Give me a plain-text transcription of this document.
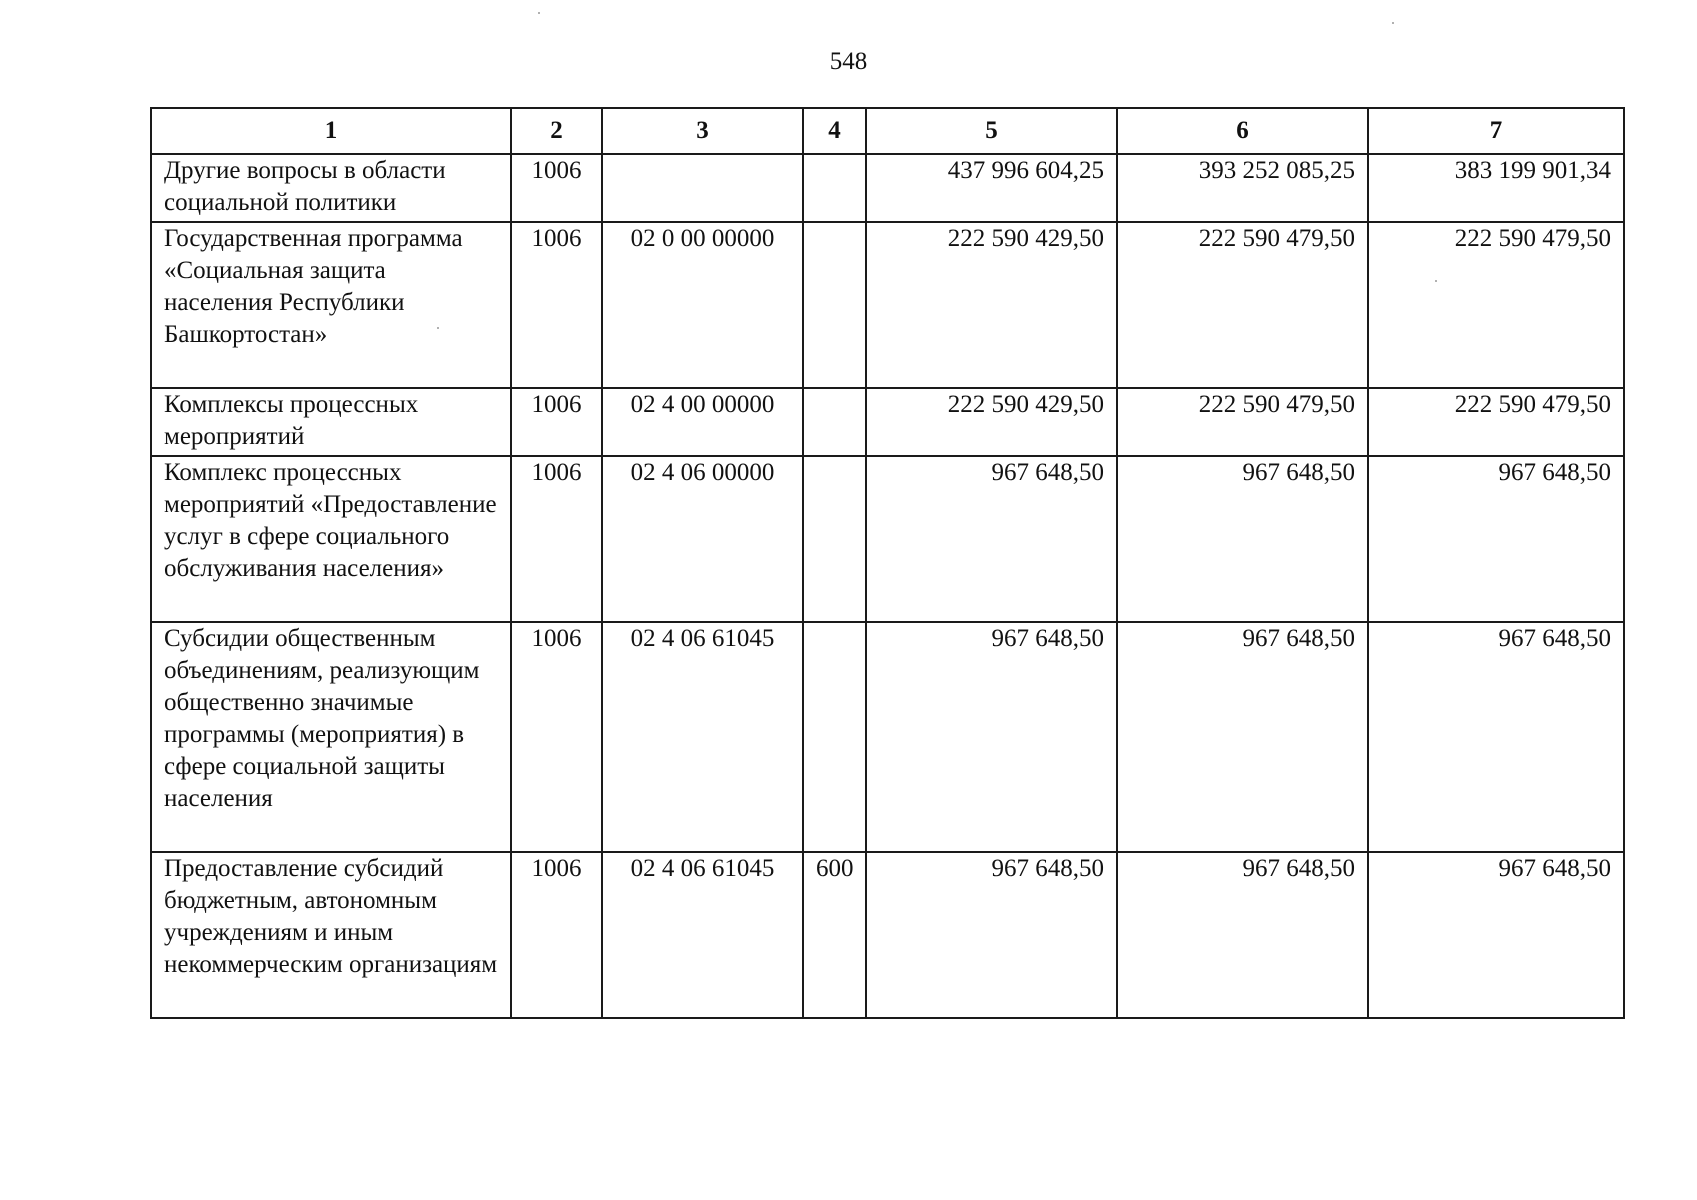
548
1	2	3	4	5	6	7
Другие вопросы в области социальной политики	1006			437 996 604,25	393 252 085,25	383 199 901,34
Государственная программа «Социальная защита населения Республики Башкортостан»	1006	02 0 00 00000		222 590 429,50	222 590 479,50	222 590 479,50
Комплексы процессных мероприятий	1006	02 4 00 00000		222 590 429,50	222 590 479,50	222 590 479,50
Комплекс процессных мероприятий «Предоставление услуг в сфере социального обслуживания населения»	1006	02 4 06 00000		967 648,50	967 648,50	967 648,50
Субсидии общественным объединениям, реализующим общественно значимые программы (мероприятия) в сфере социальной защиты населения	1006	02 4 06 61045		967 648,50	967 648,50	967 648,50
Предоставление субсидий бюджетным, автономным учреждениям и иным некоммерческим организациям	1006	02 4 06 61045	600	967 648,50	967 648,50	967 648,50
